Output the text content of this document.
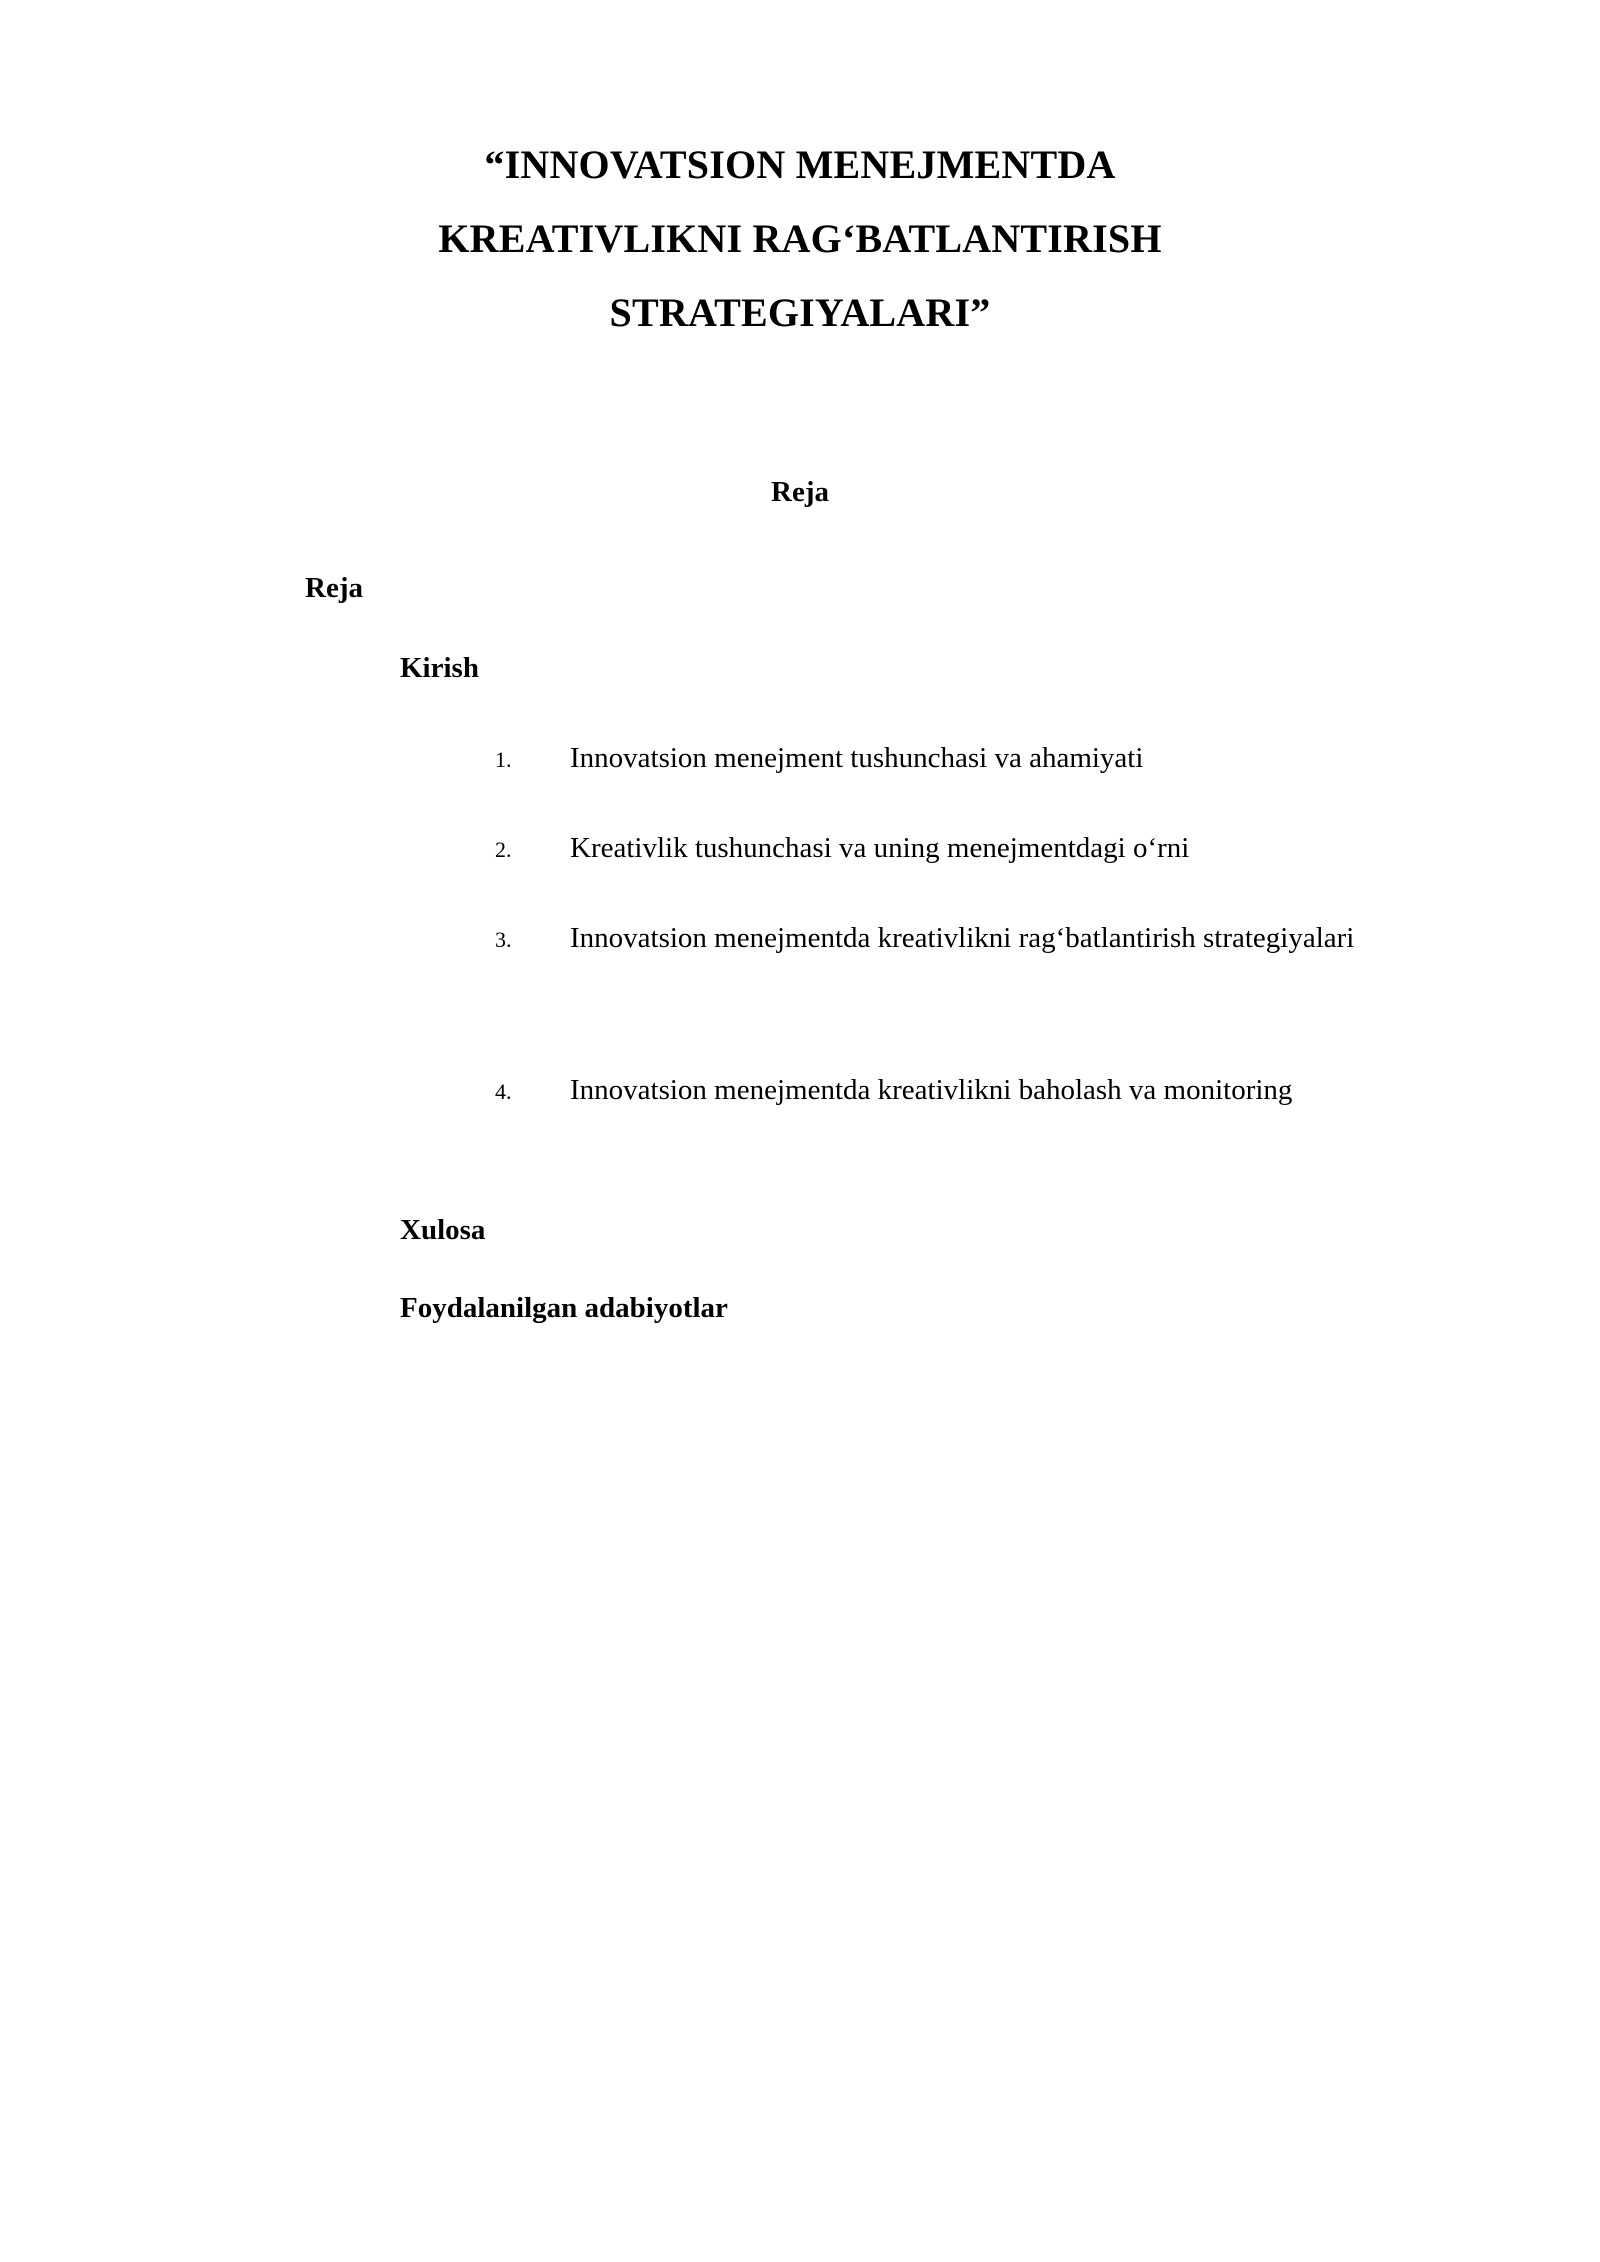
“INNOVATSION MENEJMENTDA
KREATIVLIKNI RAGʻBATLANTIRISH
STRATEGIYALARI”
Reja
Reja
Kirish
1. Innovatsion menejment tushunchasi va ahamiyati
2. Kreativlik tushunchasi va uning menejmentdagi oʻrni
3. Innovatsion menejmentda kreativlikni ragʻbatlantirish strategiyalari
4. Innovatsion menejmentda kreativlikni baholash va monitoring
Xulosa
Foydalanilgan adabiyotlar
